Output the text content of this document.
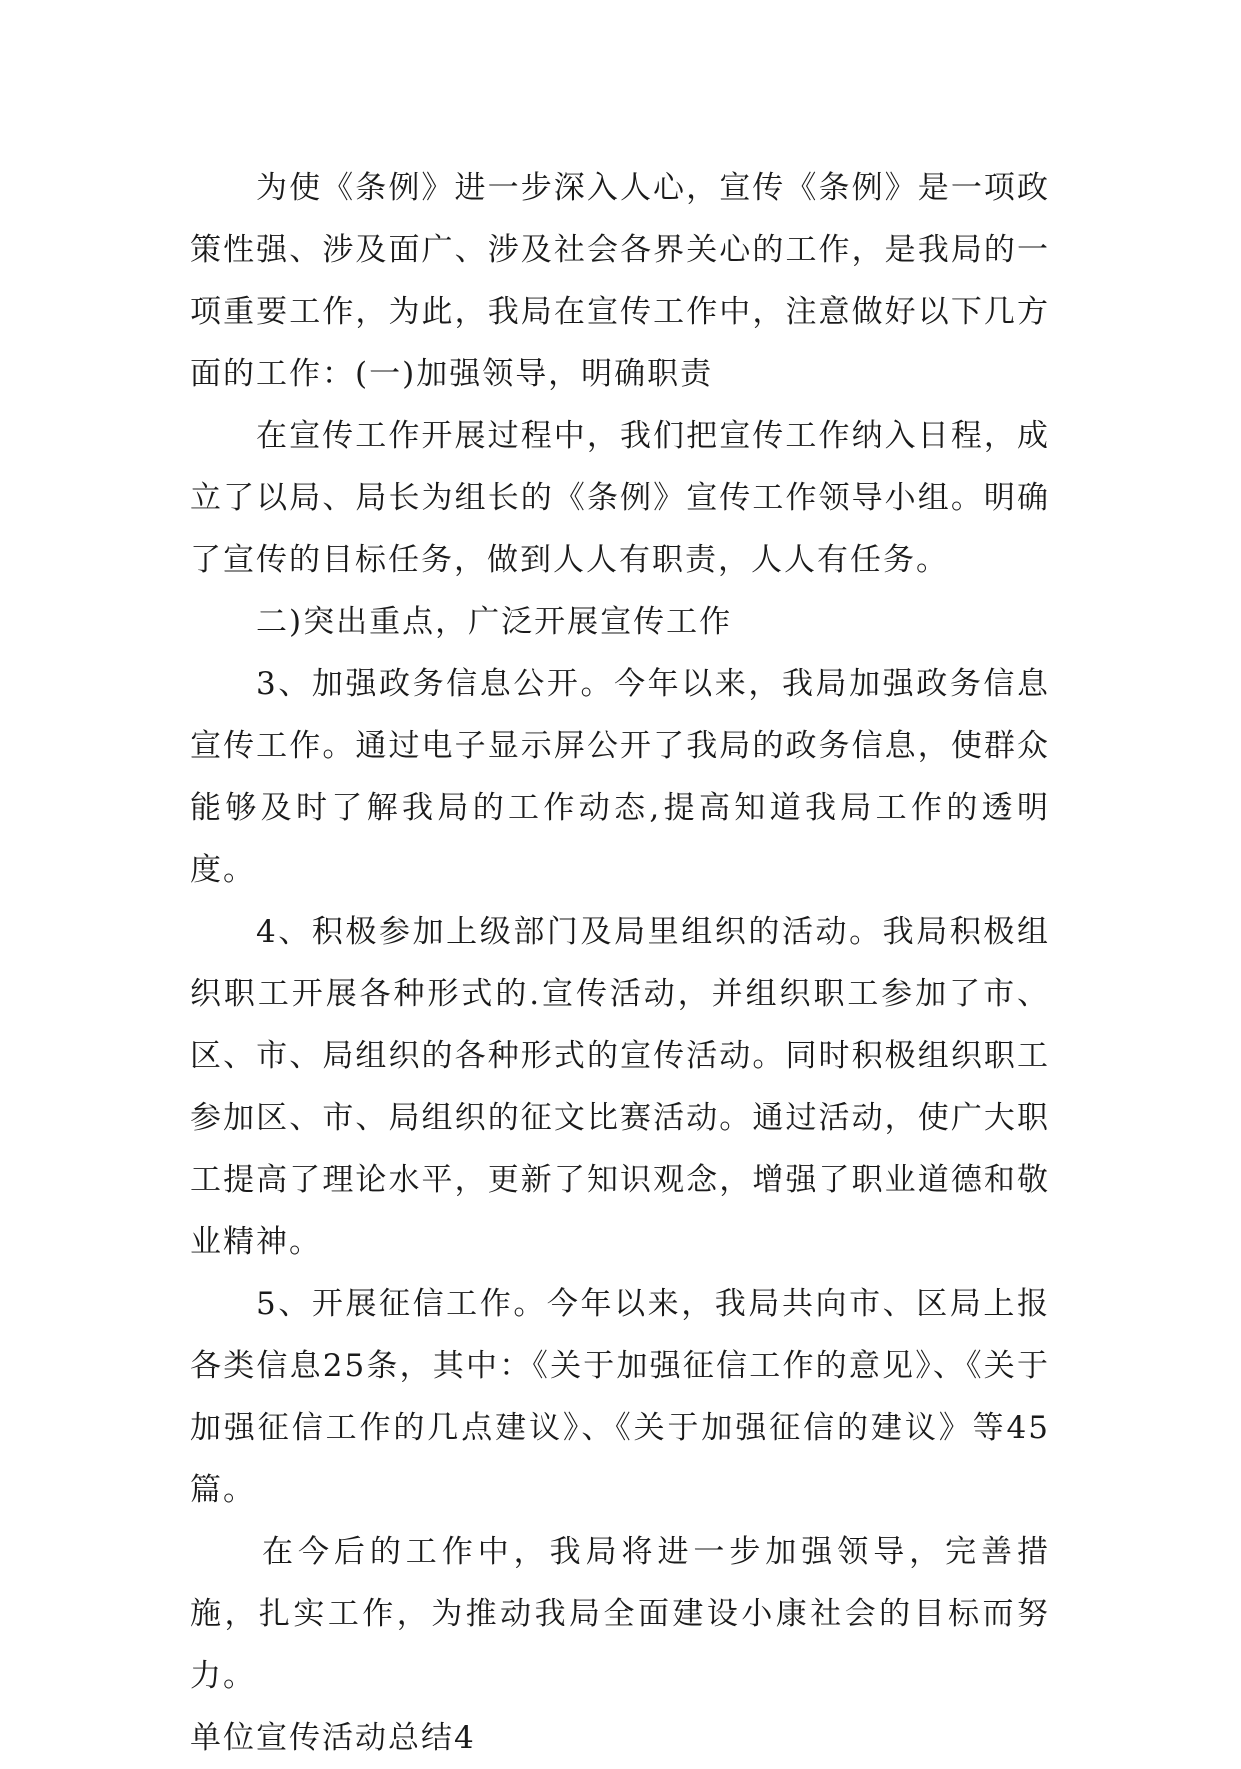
为使《条例》进一步深入人心，宣传《条例》是一项政策性强、涉及面广、涉及社会各界关心的工作，是我局的一项重要工作，为此，我局在宣传工作中，注意做好以下几方面的工作：(一)加强领导，明确职责

在宣传工作开展过程中，我们把宣传工作纳入日程，成立了以局、局长为组长的《条例》宣传工作领导小组。明确了宣传的目标任务，做到人人有职责，人人有任务。

二)突出重点，广泛开展宣传工作

3、加强政务信息公开。今年以来，我局加强政务信息宣传工作。通过电子显示屏公开了我局的政务信息，使群众能够及时了解我局的工作动态,提高知道我局工作的透明度。

4、积极参加上级部门及局里组织的活动。我局积极组织职工开展各种形式的.宣传活动，并组织职工参加了市、区、市、局组织的各种形式的宣传活动。同时积极组织职工参加区、市、局组织的征文比赛活动。通过活动，使广大职工提高了理论水平，更新了知识观念，增强了职业道德和敬业精神。

5、开展征信工作。今年以来，我局共向市、区局上报各类信息25条，其中：《关于加强征信工作的意见》、《关于加强征信工作的几点建议》、《关于加强征信的建议》等45篇。

在今后的工作中，我局将进一步加强领导，完善措施，扎实工作，为推动我局全面建设小康社会的目标而努力。

单位宣传活动总结4
